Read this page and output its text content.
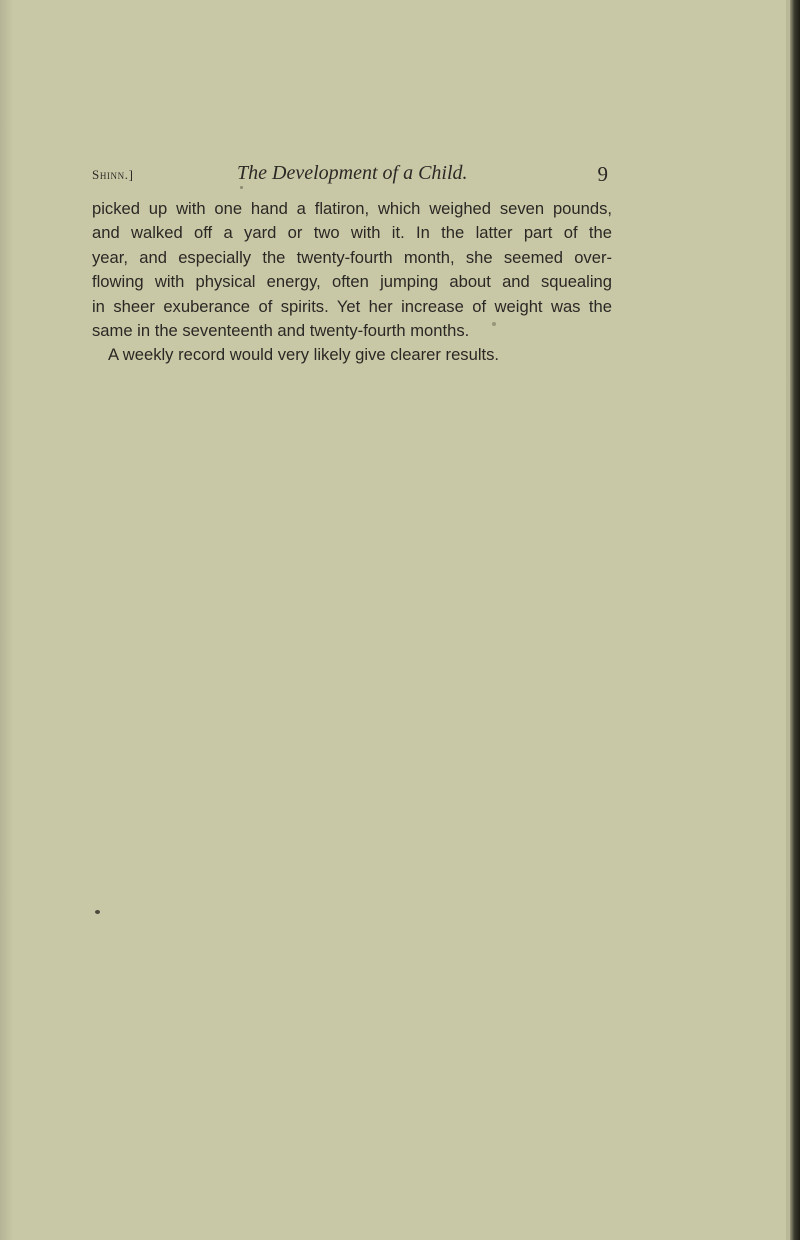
Shinn.]	The Development of a Child.	9
picked up with one hand a flatiron, which weighed seven pounds,
and walked off a yard or two with it. In the latter part of the
year, and especially the twenty-fourth month, she seemed over-
flowing with physical energy, often jumping about and squealing
in sheer exuberance of spirits. Yet her increase of weight was the
same in the seventeenth and twenty-fourth months.
A weekly record would very likely give clearer results.
